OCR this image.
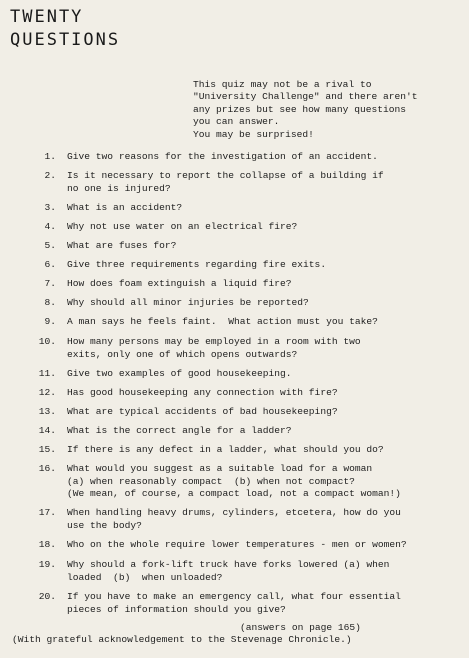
TWENTY
QUESTIONS
This quiz may not be a rival to
"University Challenge" and there aren't
any prizes but see how many questions
you can answer.
You may be surprised!
1. Give two reasons for the investigation of an accident.
2. Is it necessary to report the collapse of a building if
no one is injured?
3. What is an accident?
4. Why not use water on an electrical fire?
5. What are fuses for?
6. Give three requirements regarding fire exits.
7. How does foam extinguish a liquid fire?
8. Why should all minor injuries be reported?
9. A man says he feels faint.  What action must you take?
10. How many persons may be employed in a room with two
exits, only one of which opens outwards?
11. Give two examples of good housekeeping.
12. Has good housekeeping any connection with fire?
13. What are typical accidents of bad housekeeping?
14. What is the correct angle for a ladder?
15. If there is any defect in a ladder, what should you do?
16. What would you suggest as a suitable load for a woman
(a) when reasonably compact  (b) when not compact?
(We mean, of course, a compact load, not a compact woman!)
17. When handling heavy drums, cylinders, etcetera, how do you
use the body?
18. Who on the whole require lower temperatures - men or women?
19. Why should a fork-lift truck have forks lowered (a) when
loaded  (b)  when unloaded?
20. If you have to make an emergency call, what four essential
pieces of information should you give?
(answers on page 165)
(With grateful acknowledgement to the Stevenage Chronicle.)
